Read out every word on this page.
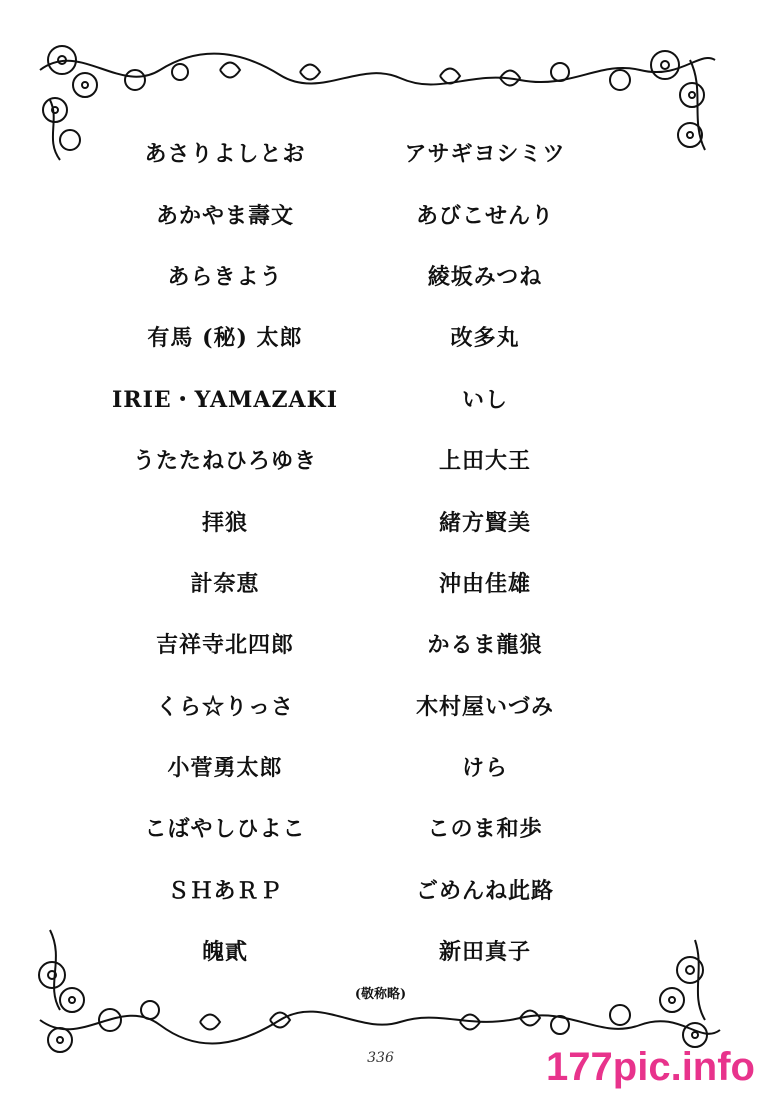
あさりよしとお	アサギヨシミツ
あかやま壽文	あびこせんり
あらきよう	綾坂みつね
有馬 (秘) 太郎	改多丸
IRIE・YAMAZAKI	いし
うたたねひろゆき	上田大王
拝狼	緒方賢美
計奈恵	沖由佳雄
吉祥寺北四郎	かるま龍狼
くら☆りっさ	木村屋いづみ
小菅勇太郎	けら
こばやしひよこ	このま和歩
ＳＨあＲＰ	ごめんね此路
魄貳	新田真子
(敬称略)
336	177pic.info
